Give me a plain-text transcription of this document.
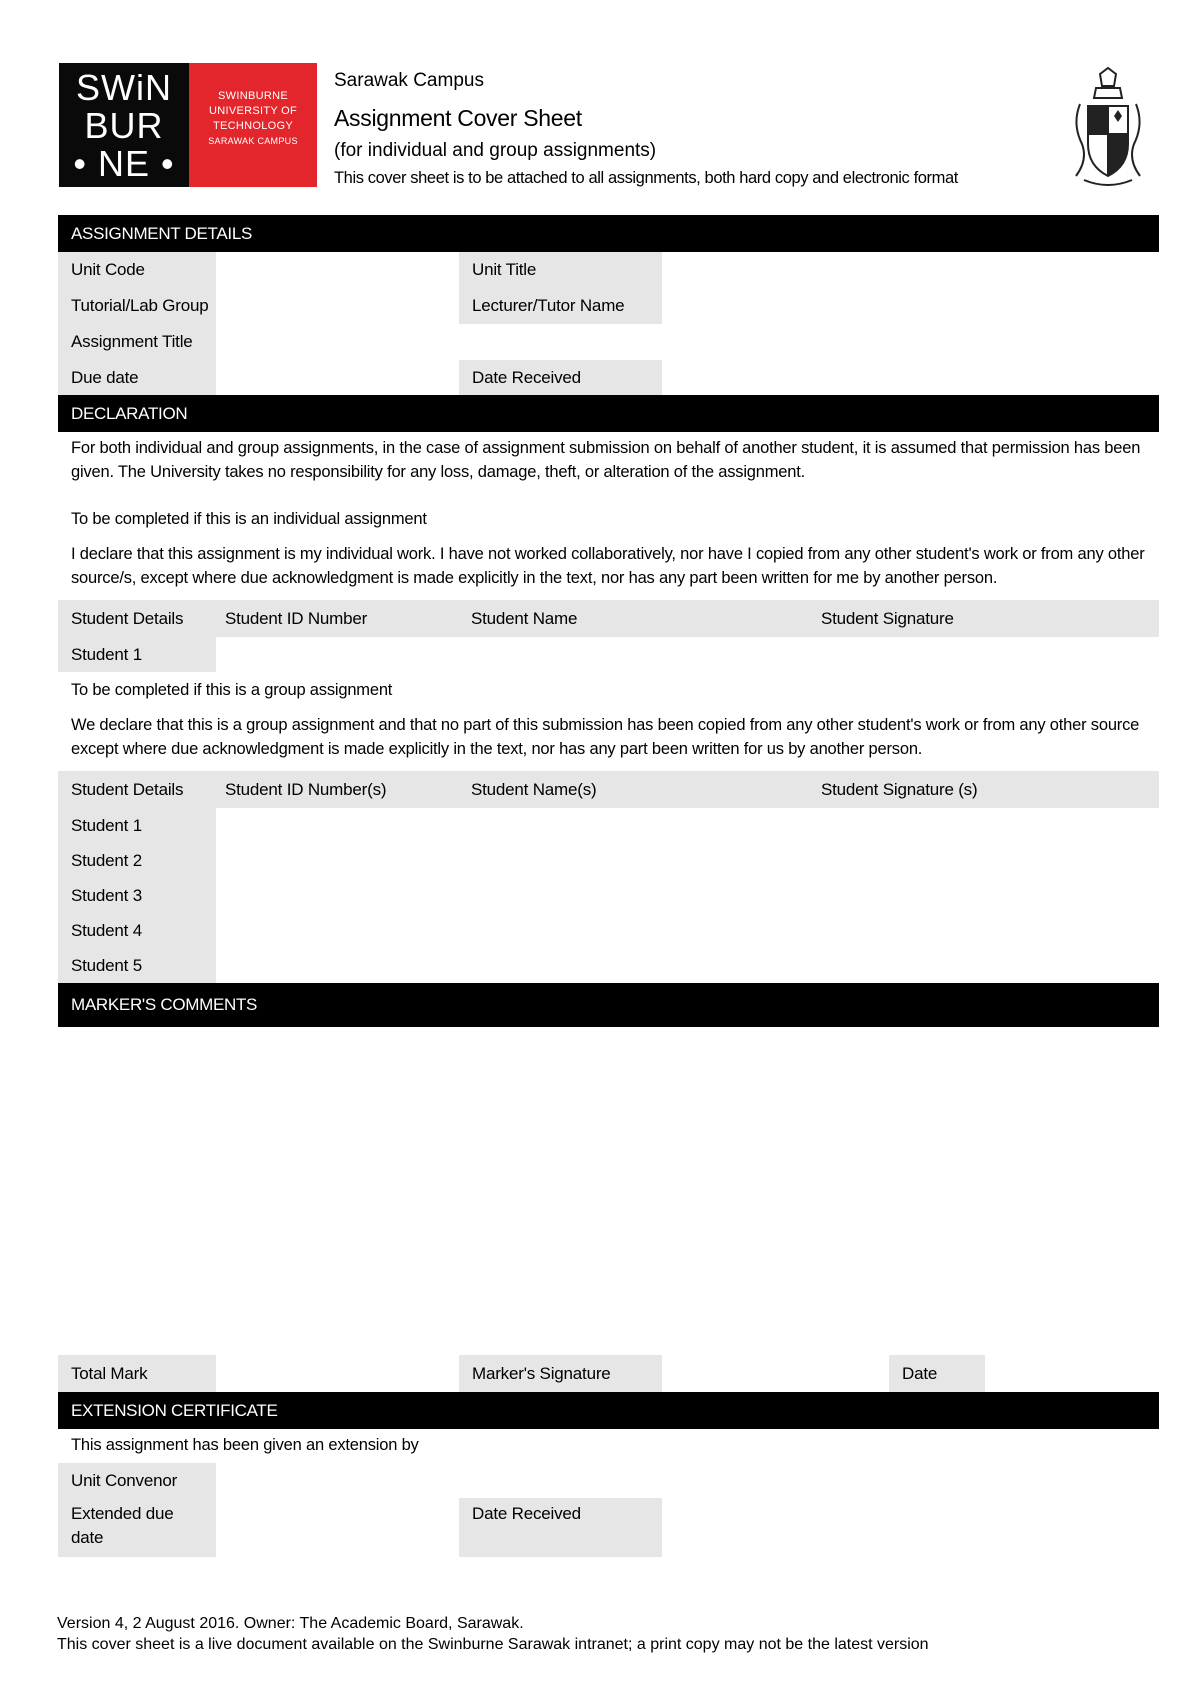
SWiN
BUR
• NE •
SWINBURNE
UNIVERSITY OF
TECHNOLOGY
SARAWAK CAMPUS
Sarawak Campus
Assignment Cover Sheet
(for individual and group assignments)
This cover sheet is to be attached to all assignments, both hard copy and electronic format
ASSIGNMENT DETAILS
Unit Code	Unit Title
Tutorial/Lab Group	Lecturer/Tutor Name
Assignment Title
Due date	Date Received
DECLARATION
For both individual and group assignments, in the case of assignment submission on behalf of another student, it is assumed that permission has been given. The University takes no responsibility for any loss, damage, theft, or alteration of the assignment.
To be completed if this is an individual assignment
I declare that this assignment is my individual work. I have not worked collaboratively, nor have I copied from any other student's work or from any other source/s, except where due acknowledgment is made explicitly in the text, nor has any part been written for me by another person.
Student Details	Student ID Number	Student Name	Student Signature
Student 1
To be completed if this is a group assignment
We declare that this is a group assignment and that no part of this submission has been copied from any other student's work or from any other source except where due acknowledgment is made explicitly in the text, nor has any part been written for us by another person.
Student Details	Student ID Number(s)	Student Name(s)	Student Signature (s)
Student 1
Student 2
Student 3
Student 4
Student 5
MARKER'S COMMENTS
Total Mark	Marker's Signature	Date
EXTENSION CERTIFICATE
This assignment has been given an extension by
Unit Convenor
Extended due date
Date Received
Version 4, 2 August 2016. Owner: The Academic Board, Sarawak.
This cover sheet is a live document available on the Swinburne Sarawak intranet; a print copy may not be the latest version
